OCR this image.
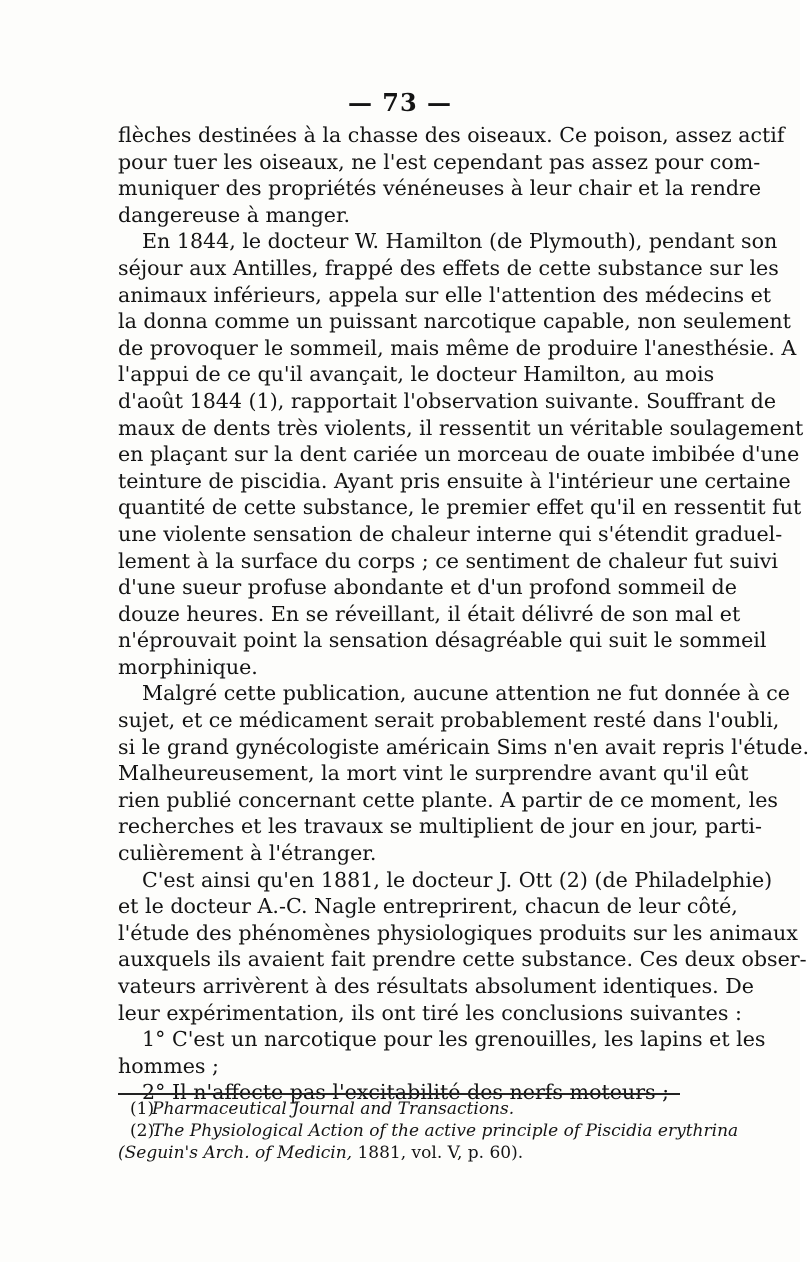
— 73 —
flèches destinées à la chasse des oiseaux. Ce poison, assez actif
pour tuer les oiseaux, ne l'est cependant pas assez pour com-
muniquer des propriétés vénéneuses à leur chair et la rendre
dangereuse à manger.
En 1844, le docteur W. Hamilton (de Plymouth), pendant son
séjour aux Antilles, frappé des effets de cette substance sur les
animaux inférieurs, appela sur elle l'attention des médecins et
la donna comme un puissant narcotique capable, non seulement
de provoquer le sommeil, mais même de produire l'anesthésie. A
l'appui de ce qu'il avançait, le docteur Hamilton, au mois
d'août 1844 (1), rapportait l'observation suivante. Souffrant de
maux de dents très violents, il ressentit un véritable soulagement
en plaçant sur la dent cariée un morceau de ouate imbibée d'une
teinture de piscidia. Ayant pris ensuite à l'intérieur une certaine
quantité de cette substance, le premier effet qu'il en ressentit fut
une violente sensation de chaleur interne qui s'étendit graduel-
lement à la surface du corps ; ce sentiment de chaleur fut suivi
d'une sueur profuse abondante et d'un profond sommeil de
douze heures. En se réveillant, il était délivré de son mal et
n'éprouvait point la sensation désagréable qui suit le sommeil
morphinique.
Malgré cette publication, aucune attention ne fut donnée à ce
sujet, et ce médicament serait probablement resté dans l'oubli,
si le grand gynécologiste américain Sims n'en avait repris l'étude.
Malheureusement, la mort vint le surprendre avant qu'il eût
rien publié concernant cette plante. A partir de ce moment, les
recherches et les travaux se multiplient de jour en jour, parti-
culièrement à l'étranger.
C'est ainsi qu'en 1881, le docteur J. Ott (2) (de Philadelphie)
et le docteur A.-C. Nagle entreprirent, chacun de leur côté,
l'étude des phénomènes physiologiques produits sur les animaux
auxquels ils avaient fait prendre cette substance. Ces deux obser-
vateurs arrivèrent à des résultats absolument identiques. De
leur expérimentation, ils ont tiré les conclusions suivantes :
1° C'est un narcotique pour les grenouilles, les lapins et les
hommes ;
2° Il n'affecte pas l'excitabilité des nerfs moteurs ;
(1)Pharmaceutical Journal and Transactions.
(2)The Physiological Action of the active principle of Piscidia erythrina
(Seguin's Arch. of Medicin, 1881, vol. V, p. 60).
